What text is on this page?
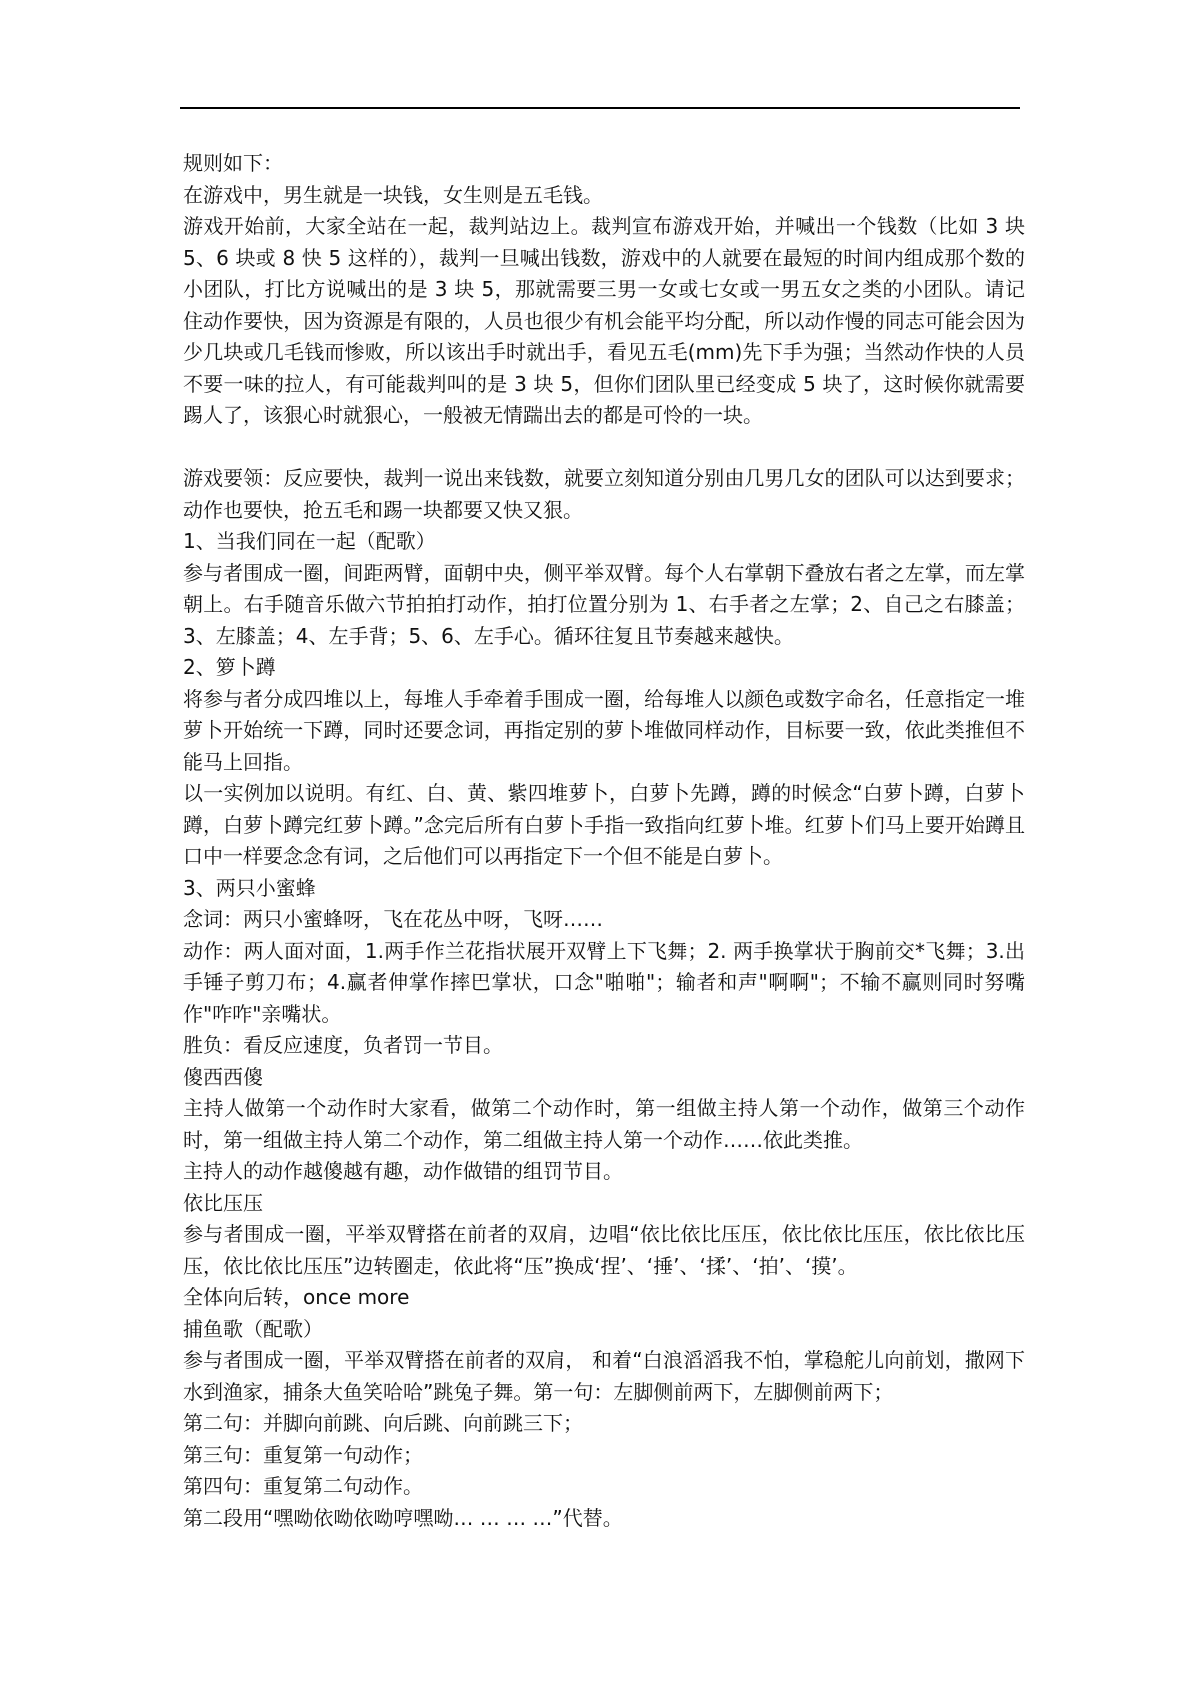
规则如下：

在游戏中，男生就是一块钱，女生则是五毛钱。

游戏开始前，大家全站在一起，裁判站边上。裁判宣布游戏开始，并喊出一个钱数（比如 3 块 5、6 块或 8 快 5 这样的），裁判一旦喊出钱数，游戏中的人就要在最短的时间内组成那个数的小团队，打比方说喊出的是 3 块 5，那就需要三男一女或七女或一男五女之类的小团队。请记住动作要快，因为资源是有限的，人员也很少有机会能平均分配，所以动作慢的同志可能会因为少几块或几毛钱而惨败，所以该出手时就出手，看见五毛(mm)先下手为强；当然动作快的人员不要一味的拉人，有可能裁判叫的是 3 块 5，但你们团队里已经变成 5 块了，这时候你就需要踢人了，该狠心时就狠心，一般被无情踹出去的都是可怜的一块。

游戏要领：反应要快，裁判一说出来钱数，就要立刻知道分别由几男几女的团队可以达到要求；动作也要快，抢五毛和踢一块都要又快又狠。

1、当我们同在一起（配歌）

参与者围成一圈，间距两臂，面朝中央，侧平举双臂。每个人右掌朝下叠放右者之左掌，而左掌朝上。右手随音乐做六节拍拍打动作，拍打位置分别为 1、右手者之左掌；2、自己之右膝盖；3、左膝盖；4、左手背；5、6、左手心。循环往复且节奏越来越快。

2、箩卜蹲

将参与者分成四堆以上，每堆人手牵着手围成一圈，给每堆人以颜色或数字命名，任意指定一堆萝卜开始统一下蹲，同时还要念词，再指定别的萝卜堆做同样动作，目标要一致，依此类推但不能马上回指。

以一实例加以说明。有红、白、黄、紫四堆萝卜，白萝卜先蹲，蹲的时候念“白萝卜蹲，白萝卜蹲，白萝卜蹲完红萝卜蹲。”念完后所有白萝卜手指一致指向红萝卜堆。红萝卜们马上要开始蹲且口中一样要念念有词，之后他们可以再指定下一个但不能是白萝卜。

3、两只小蜜蜂

念词：两只小蜜蜂呀，飞在花丛中呀，飞呀……

动作：两人面对面，1.两手作兰花指状展开双臂上下飞舞；2. 两手换掌状于胸前交*飞舞；3.出手锤子剪刀布；4.赢者伸掌作摔巴掌状，口念"啪啪"；输者和声"啊啊"；不输不赢则同时努嘴作"咋咋"亲嘴状。

胜负：看反应速度，负者罚一节目。

傻西西傻

主持人做第一个动作时大家看，做第二个动作时，第一组做主持人第一个动作，做第三个动作时，第一组做主持人第二个动作，第二组做主持人第一个动作……依此类推。

主持人的动作越傻越有趣，动作做错的组罚节目。

依比压压

参与者围成一圈，平举双臂搭在前者的双肩，边唱“依比依比压压，依比依比压压，依比依比压压，依比依比压压”边转圈走，依此将“压”换成‘捏’、‘捶’、‘揉’、‘拍’、‘摸’。

全体向后转，once more

捕鱼歌（配歌）

参与者围成一圈，平举双臂搭在前者的双肩， 和着“白浪滔滔我不怕，掌稳舵儿向前划，撒网下水到渔家，捕条大鱼笑哈哈”跳兔子舞。第一句：左脚侧前两下，左脚侧前两下；

第二句：并脚向前跳、向后跳、向前跳三下；

第三句：重复第一句动作；

第四句：重复第二句动作。

第二段用“嘿呦依呦依呦哼嘿呦… … … …”代替。
